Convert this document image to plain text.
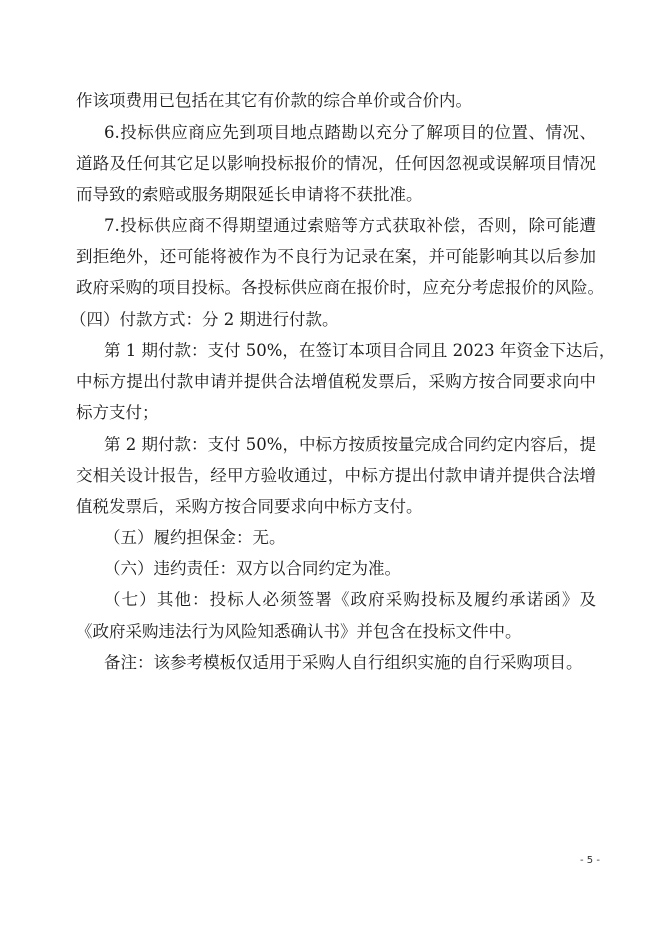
作该项费用已包括在其它有价款的综合单价或合价内。
6.投标供应商应先到项目地点踏勘以充分了解项目的位置、情况、
道路及任何其它足以影响投标报价的情况，任何因忽视或误解项目情况
而导致的索赔或服务期限延长申请将不获批准。
7.投标供应商不得期望通过索赔等方式获取补偿，否则，除可能遭
到拒绝外，还可能将被作为不良行为记录在案，并可能影响其以后参加
政府采购的项目投标。各投标供应商在报价时，应充分考虑报价的风险。
（四）付款方式：分 2 期进行付款。
第 1 期付款：支付 50%，在签订本项目合同且 2023 年资金下达后，
中标方提出付款申请并提供合法增值税发票后，采购方按合同要求向中
标方支付；
第 2 期付款：支付 50%，中标方按质按量完成合同约定内容后，提
交相关设计报告，经甲方验收通过，中标方提出付款申请并提供合法增
值税发票后，采购方按合同要求向中标方支付。
（五）履约担保金：无。
（六）违约责任：双方以合同约定为准。
（七）其他：投标人必须签署《政府采购投标及履约承诺函》及
《政府采购违法行为风险知悉确认书》并包含在投标文件中。
备注：该参考模板仅适用于采购人自行组织实施的自行采购项目。
- 5 -
